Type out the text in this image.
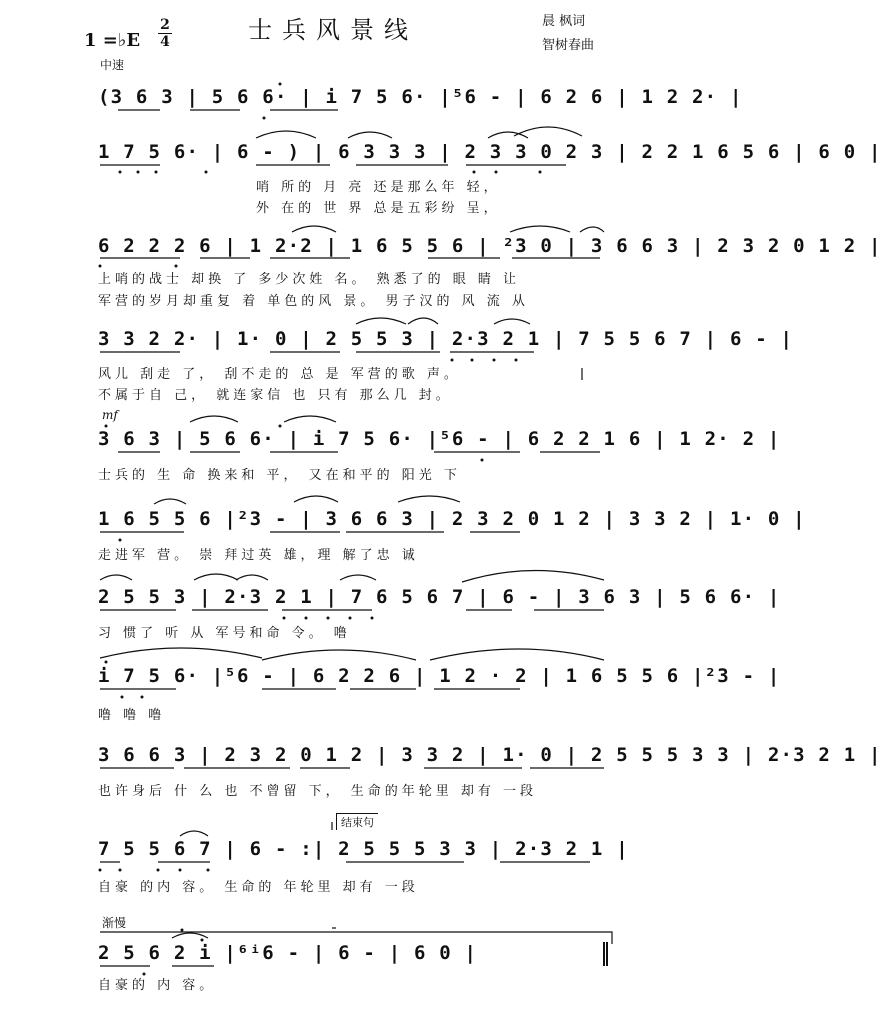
1 =♭E
2
4	士兵风景线	晨 枫词
智树春曲
中速
(3 6 3 | 5 6 6· | i 7 5 6· |⁵6 - | 6 2 6 | 1 2 2· |
1 7 5 6· | 6 - ) | 6 3 3 3 | 2 3 3 0 2 3 | 2 2 1 6 5 6 | 6 0 |
哨 所的 月 亮 还是那么年 轻，
外 在的 世 界 总是五彩纷 呈，
6 2 2 2 6 | 1 2·2 | 1 6 5 5 6 | ²3 0 | 3 6 6 3 | 2 3 2 0 1 2 |
上哨的战士 却换 了 多少次姓 名。 熟悉了的 眼 睛 让
军营的岁月却重复 着 单色的风 景。 男子汉的 风 流 从
3 3 2 2· | 1· 0 | 2 5 5 3 | 2·3 2 1 | 7 5 5 6 7 | 6 - |
风儿 刮走 了， 刮不走的 总 是 军营的歌 声。
不属于自 己， 就连家信 也 只有 那么几 封。
mf
3 6 3 | 5 6 6· | i 7 5 6· |⁵6 - | 6 2 2 1 6 | 1 2· 2 |
士兵的 生 命 换来和 平， 又在和平的 阳光 下
1 6 5 5 6 |²3 - | 3 6 6 3 | 2 3 2 0 1 2 | 3 3 2 | 1· 0 |
走进军 营。 崇 拜过英 雄，理 解了忠 诚
2 5 5 3 | 2·3 2 1 | 7 6 5 6 7 | 6 - | 3 6 3 | 5 6 6· |
习 惯了 听 从 军号和命 令。 噜
i 7 5 6· |⁵6 - | 6 2 2 6 | 1 2 · 2 | 1 6 5 5 6 |²3 - |
噜 噜 噜
3 6 6 3 | 2 3 2 0 1 2 | 3 3 2 | 1· 0 | 2 5 5 5 3 3 | 2·3 2 1 |
也许身后 什 么 也 不曾留 下， 生命的年轮里 却有 一段
结束句
7 5 5 6 7 | 6 - :| 2 5 5 5 3 3 | 2·3 2 1 |
自豪 的内 容。 生命的 年轮里 却有 一段
渐慢
2 5 6 2 i |⁶ⁱ6 - | 6 - | 6 0 |
自豪的 内 容。
